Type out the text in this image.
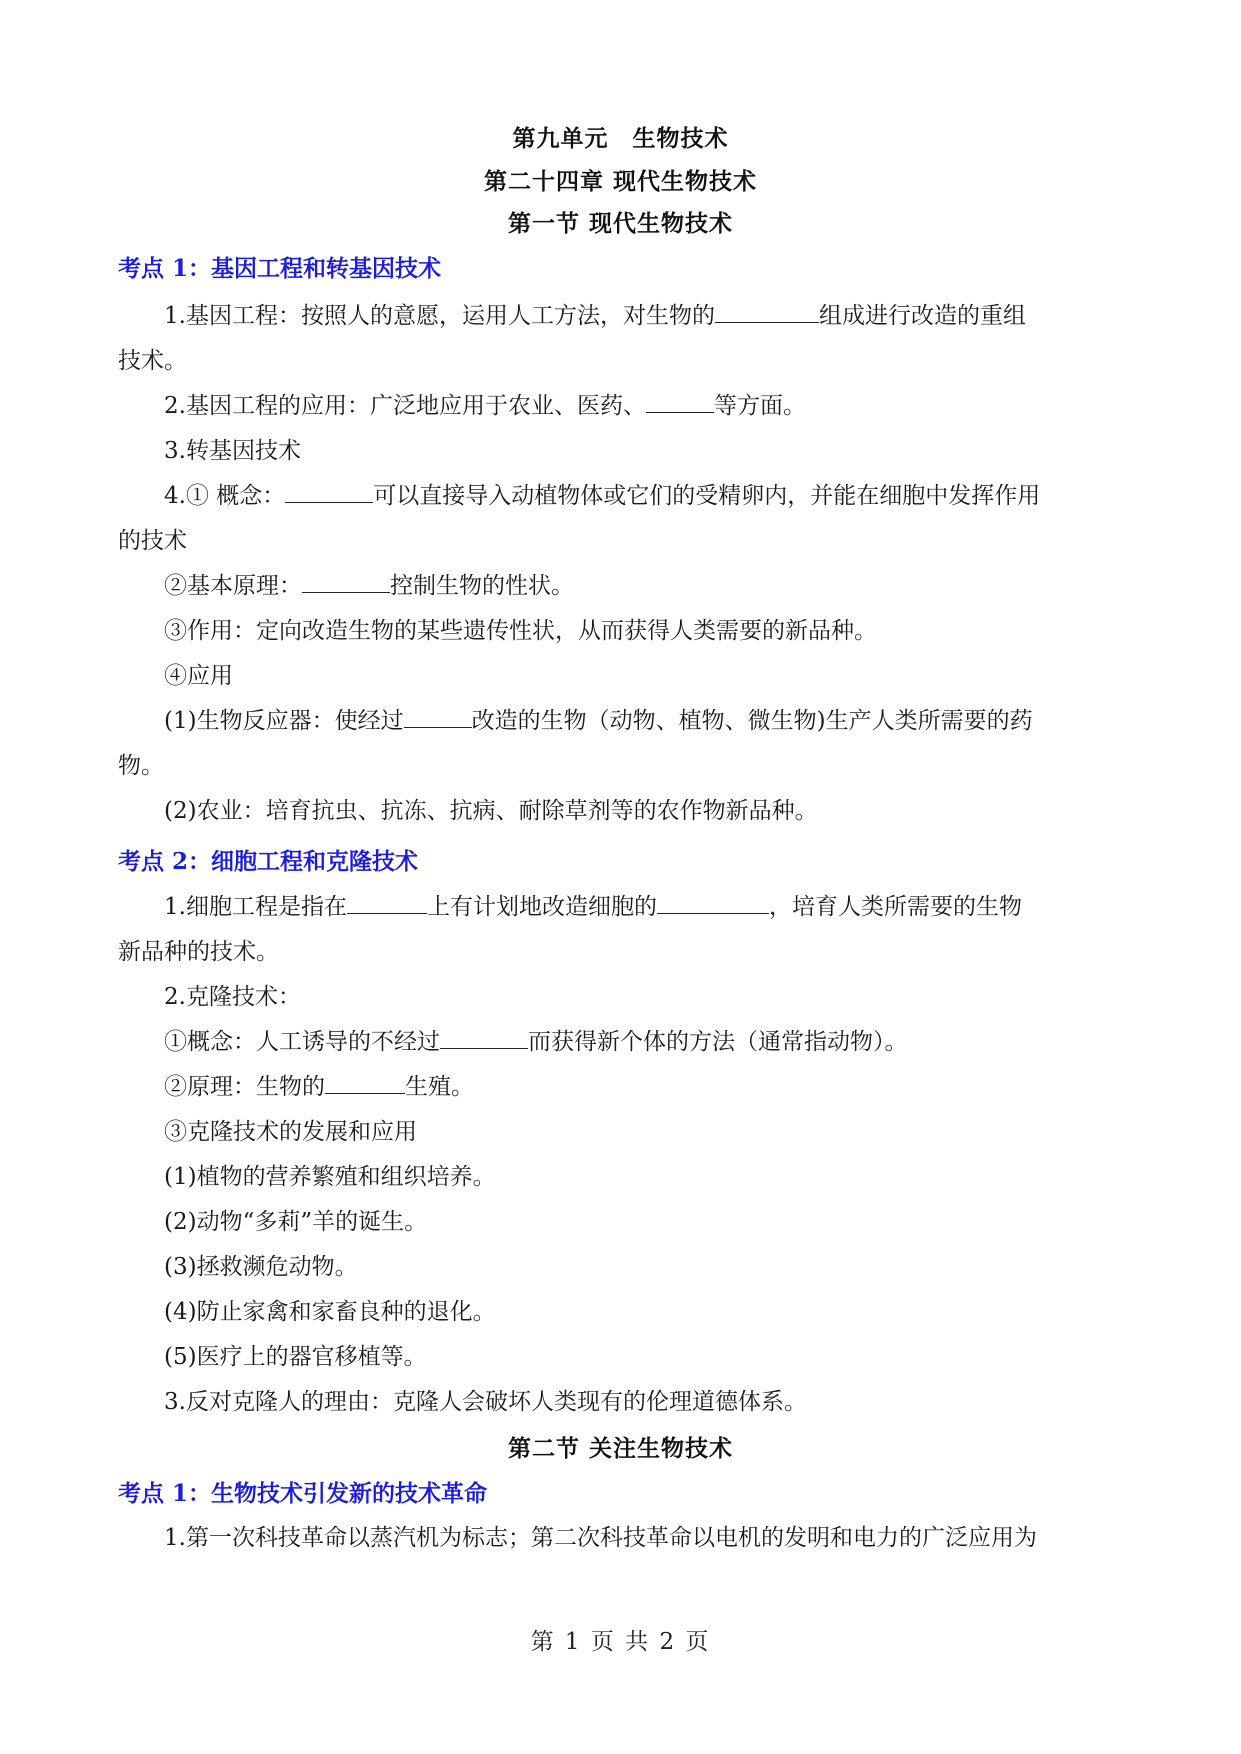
第九单元　生物技术
第二十四章 现代生物技术
第一节 现代生物技术
考点 1：基因工程和转基因技术
1.基因工程：按照人的意愿，运用人工方法，对生物的	组成进行改造的重组
技术。
2.基因工程的应用：广泛地应用于农业、医药、	等方面。
3.转基因技术
4.① 概念：	可以直接导入动植物体或它们的受精卵内，并能在细胞中发挥作用
的技术
②基本原理：	控制生物的性状。
③作用：定向改造生物的某些遗传性状，从而获得人类需要的新品种。
④应用
(1)生物反应器：使经过	改造的生物（动物、植物、微生物)生产人类所需要的药
物。
(2)农业：培育抗虫、抗冻、抗病、耐除草剂等的农作物新品种。
考点 2：细胞工程和克隆技术
1.细胞工程是指在	上有计划地改造细胞的	，培育人类所需要的生物
新品种的技术。
2.克隆技术：
①概念：人工诱导的不经过	而获得新个体的方法（通常指动物）。
②原理：生物的	生殖。
③克隆技术的发展和应用
(1)植物的营养繁殖和组织培养。
(2)动物“多莉”羊的诞生。
(3)拯救濒危动物。
(4)防止家禽和家畜良种的退化。
(5)医疗上的器官移植等。
3.反对克隆人的理由：克隆人会破坏人类现有的伦理道德体系。
第二节 关注生物技术
考点 1：生物技术引发新的技术革命
1.第一次科技革命以蒸汽机为标志；第二次科技革命以电机的发明和电力的广泛应用为
第 1 页 共 2 页
